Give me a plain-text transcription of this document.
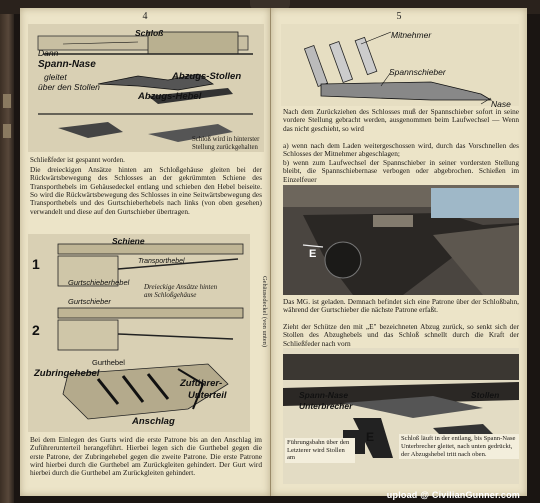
4
Schloß
Dann
Spann-Nase
gleitet
über den Stollen
Abzugs-Stollen
Abzugs-Hebel
Schloß wird in hinterster Stellung zurückgehalten
Schließfeder ist gespannt worden.
Die dreieckigen Ansätze hinten am Schloßgehäuse gleiten bei der Rückwärtsbewegung des Schlosses an der gekrümmten Schiene des Transporthebels im Gehäusedeckel entlang und schieben den Hebel beiseite. So wird die Rückwärtsbewegung des Schlosses in eine Seitwärtsbewegung des Transporthebels und des Gurtschieberhebels nach links (von oben gesehen) verwandelt und diese auf den Gurtschieber übertragen.
Schiene
Transporthebel
1
2
Gurtschieberhebel
Gurtschieber
Dreieckige Ansätze hinten am Schloßgehäuse
Gurthebel
Zubringehebel
Zuführer-
Unterteil
Anschlag
Gehäusedeckel (von unten)
Bei dem Einlegen des Gurts wird die erste Patrone bis an den Anschlag im Zuführerunterteil herangeführt. Hierbei legen sich die Gurthebel gegen die erste Patrone, der Zubringehebel gegen die zweite Patrone. Die erste Patrone wird hierbei durch die Gurthebel am Zurückgleiten gehindert. Der Gurt wird hierbei durch die Gurthebel am Zurückgleiten gehindert.
5
Mitnehmer
Spannschieber
Nase
Nach dem Zurückziehen des Schlosses muß der Spannschieber sofort in seine vordere Stellung gebracht werden, ausgenommen beim Laufwechsel — Wenn das nicht geschieht, so wird
a) wenn nach dem Laden weitergeschossen wird, durch das Vorschnellen des Schlosses der Mitnehmer abgeschlagen;
b) wenn zum Laufwechsel der Spannschieber in seiner vordersten Stellung bleibt, die Spannschiebernase verbogen oder abgebrochen. Schießen im Einzelfeuer
E
Das MG. ist geladen. Demnach befindet sich eine Patrone über der Schloßbahn, während der Gurtschieber die nächste Patrone erfaßt.
Zieht der Schütze den mit „E" bezeichneten Abzug zurück, so senkt sich der Stollen des Abzughebels und das Schloß schnellt durch die Kraft der Schließfeder nach vorn
Spann-Nase
Unterbrecher
Stollen
E
Führungsbahn über den Letzterer wird Stollen am
Schloß läuft in der entlang, bis Spann-Nase Unterbrecher gleitet, nach unten gedrückt, der Abzugshebel tritt nach oben.
upload @ CivilianGunner.com
